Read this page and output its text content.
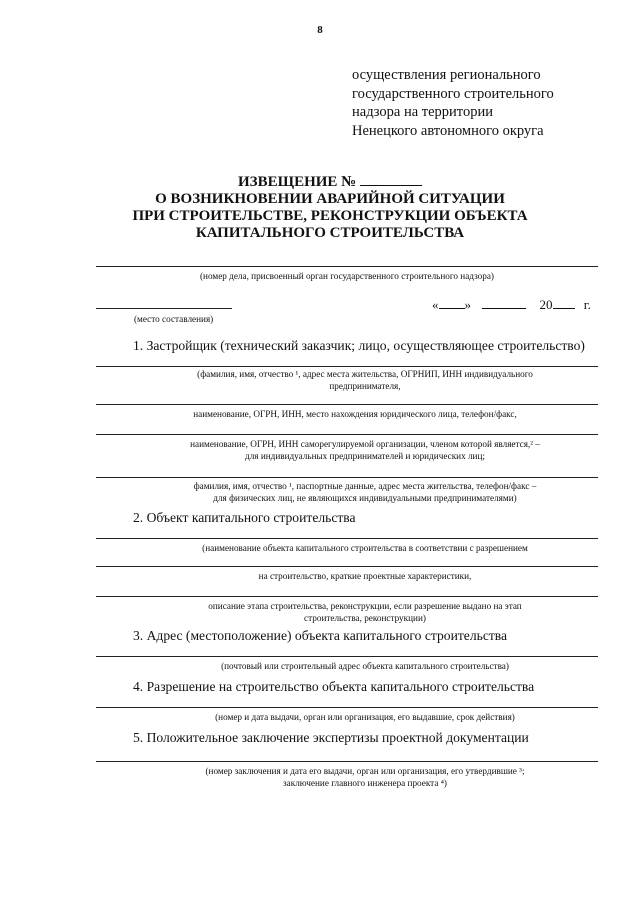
8
осуществления регионального
государственного строительного
надзора на территории
Ненецкого автономного округа
ИЗВЕЩЕНИЕ №
О ВОЗНИКНОВЕНИИ АВАРИЙНОЙ СИТУАЦИИ
ПРИ СТРОИТЕЛЬСТВЕ, РЕКОНСТРУКЦИИ ОБЪЕКТА
КАПИТАЛЬНОГО СТРОИТЕЛЬСТВА
(номер дела, присвоенный орган государственного строительного надзора)
« »	20 г.
(место составления)
1. Застройщик (технический заказчик; лицо, осуществляющее строительство)
(фамилия, имя, отчество ¹, адрес места жительства, ОГРНИП, ИНН индивидуального
предпринимателя,
наименование, ОГРН, ИНН, место нахождения юридического лица, телефон/факс,
наименование, ОГРН, ИНН саморегулируемой организации, членом которой является,² –
для индивидуальных предпринимателей и юридических лиц;
фамилия, имя, отчество ¹, паспортные данные, адрес места жительства, телефон/факс –
для физических лиц, не являющихся индивидуальными предпринимателями)
2. Объект капитального строительства
(наименование объекта капитального строительства в соответствии с разрешением
на строительство, краткие проектные характеристики,
описание этапа строительства, реконструкции, если разрешение выдано на этап
строительства, реконструкции)
3. Адрес (местоположение) объекта капитального строительства
(почтовый или строительный адрес объекта капитального строительства)
4. Разрешение на строительство объекта капитального строительства
(номер и дата выдачи, орган или организация, его выдавшие, срок действия)
5. Положительное заключение экспертизы проектной документации
(номер заключения и дата его выдачи, орган или организация, его утвердившие ³;
заключение главного инженера проекта ⁴)
